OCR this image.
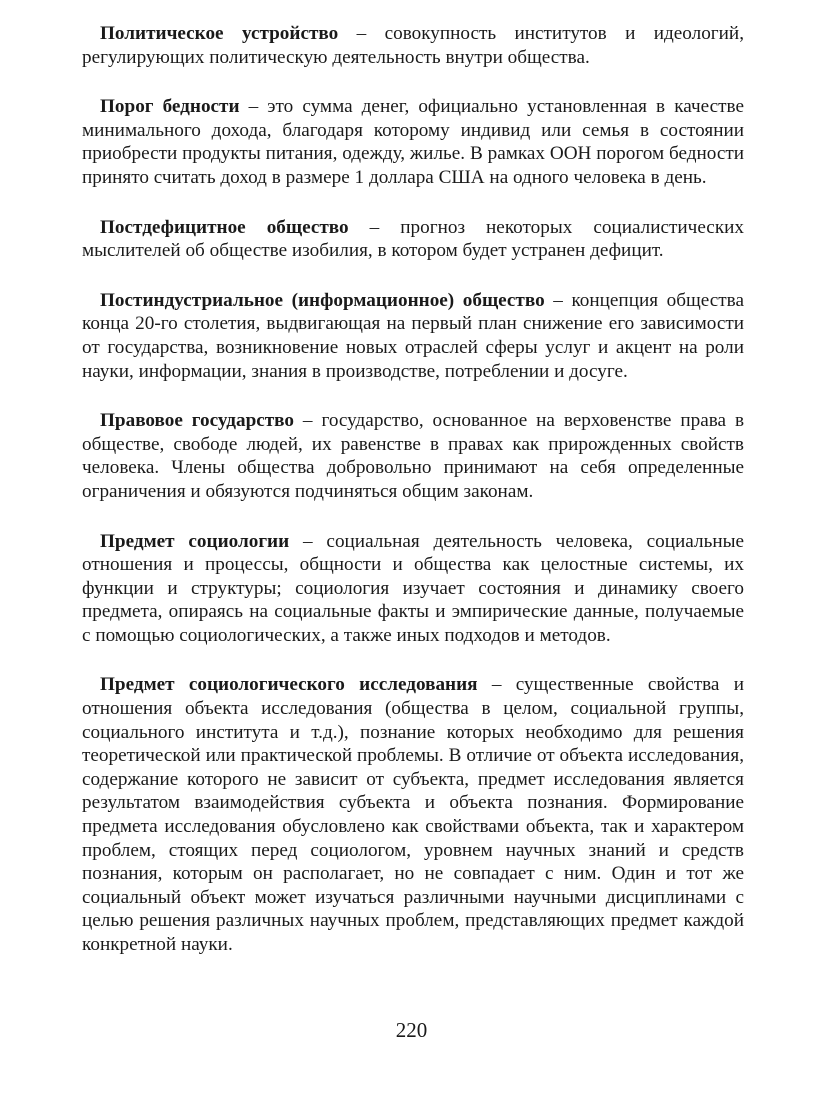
Политическое устройство – совокупность институтов и идеологий, регулирующих политическую деятельность внутри общества.

Порог бедности – это сумма денег, официально установленная в качестве минимального дохода, благодаря которому индивид или семья в состоянии приобрести продукты питания, одежду, жилье. В рамках ООН порогом бедности принято считать доход в размере 1 доллара США на одного человека в день.

Постдефицитное общество – прогноз некоторых социалистических мыслителей об обществе изобилия, в котором будет устранен дефицит.

Постиндустриальное (информационное) общество – концепция общества конца 20-го столетия, выдвигающая на первый план снижение его зависимости от государства, возникновение новых отраслей сферы услуг и акцент на роли науки, информации, знания в производстве, потреблении и досуге.

Правовое государство – государство, основанное на верховенстве права в обществе, свободе людей, их равенстве в правах как прирожденных свойств человека. Члены общества добровольно принимают на себя определенные ограничения и обязуются подчиняться общим законам.

Предмет социологии – социальная деятельность человека, социальные отношения и процессы, общности и общества как целостные системы, их функции и структуры; социология изучает состояния и динамику своего предмета, опираясь на социальные факты и эмпирические данные, получаемые с помощью социологических, а также иных подходов и методов.

Предмет социологического исследования – существенные свойства и отношения объекта исследования (общества в целом, социальной группы, социального института и т.д.), познание которых необходимо для решения теоретической или практической проблемы. В отличие от объекта исследования, содержание которого не зависит от субъекта, предмет исследования является результатом взаимодействия субъекта и объекта познания. Формирование предмета исследования обусловлено как свойствами объекта, так и характером проблем, стоящих перед социологом, уровнем научных знаний и средств познания, которым он располагает, но не совпадает с ним. Один и тот же социальный объект может изучаться различными научными дисциплинами с целью решения различных научных проблем, представляющих предмет каждой конкретной науки.

220
